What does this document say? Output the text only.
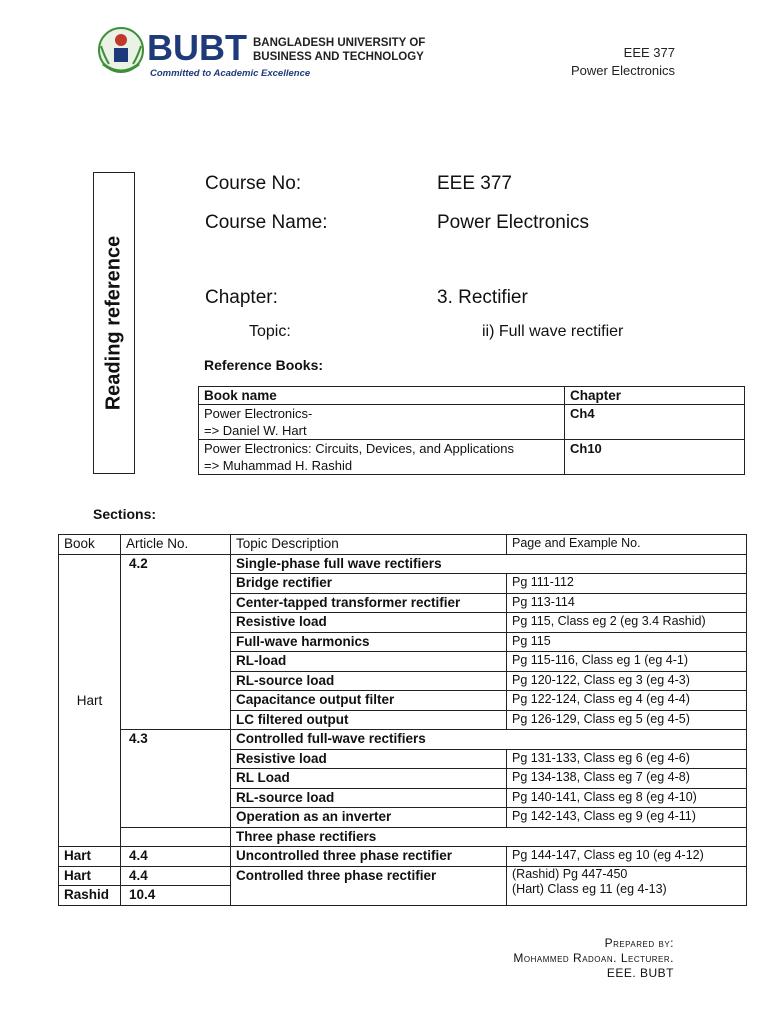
BUBT BANGLADESH UNIVERSITY OF
BUSINESS AND TECHNOLOGY
Committed to Academic Excellence
EEE 377
Power Electronics
Reading reference
Course No:	EEE 377
Course Name:	Power Electronics
Chapter:	3. Rectifier
Topic:	ii) Full wave rectifier
Reference Books:
Book name	Chapter

Power Electronics-
=> Daniel W. Hart	Ch4

Power Electronics: Circuits, Devices, and Applications
=> Muhammad H. Rashid	Ch10
Sections:
Book	Article No.	Topic Description	Page and Example No.
Hart	4.2	Single-phase full wave rectifiers	
		Bridge rectifier	Pg 111-112
		Center-tapped transformer rectifier	Pg 113-114
		Resistive load	Pg 115, Class eg 2 (eg 3.4 Rashid)
		Full-wave harmonics	Pg 115
		RL-load	Pg 115-116, Class eg 1 (eg 4-1)
		RL-source load	Pg 120-122, Class eg 3 (eg 4-3)
		Capacitance output filter	Pg 122-124, Class eg 4 (eg 4-4)
		LC filtered output	Pg 126-129, Class eg 5 (eg 4-5)
	4.3	Controlled full-wave rectifiers	
		Resistive load	Pg 131-133, Class eg 6 (eg 4-6)
		RL Load	Pg 134-138, Class eg 7 (eg 4-8)
		RL-source load	Pg 140-141, Class eg 8 (eg 4-10)
		Operation as an inverter	Pg 142-143, Class eg 9 (eg 4-11)
		Three phase rectifiers	
Hart	4.4	Uncontrolled three phase rectifier	Pg 144-147, Class eg 10 (eg 4-12)
Hart	4.4	Controlled three phase rectifier	(Rashid) Pg 447-450
(Hart) Class eg 11 (eg 4-13)

Rashid	10.4		
Prepared by:
Mohammed Radoan. Lecturer.
EEE. BUBT
